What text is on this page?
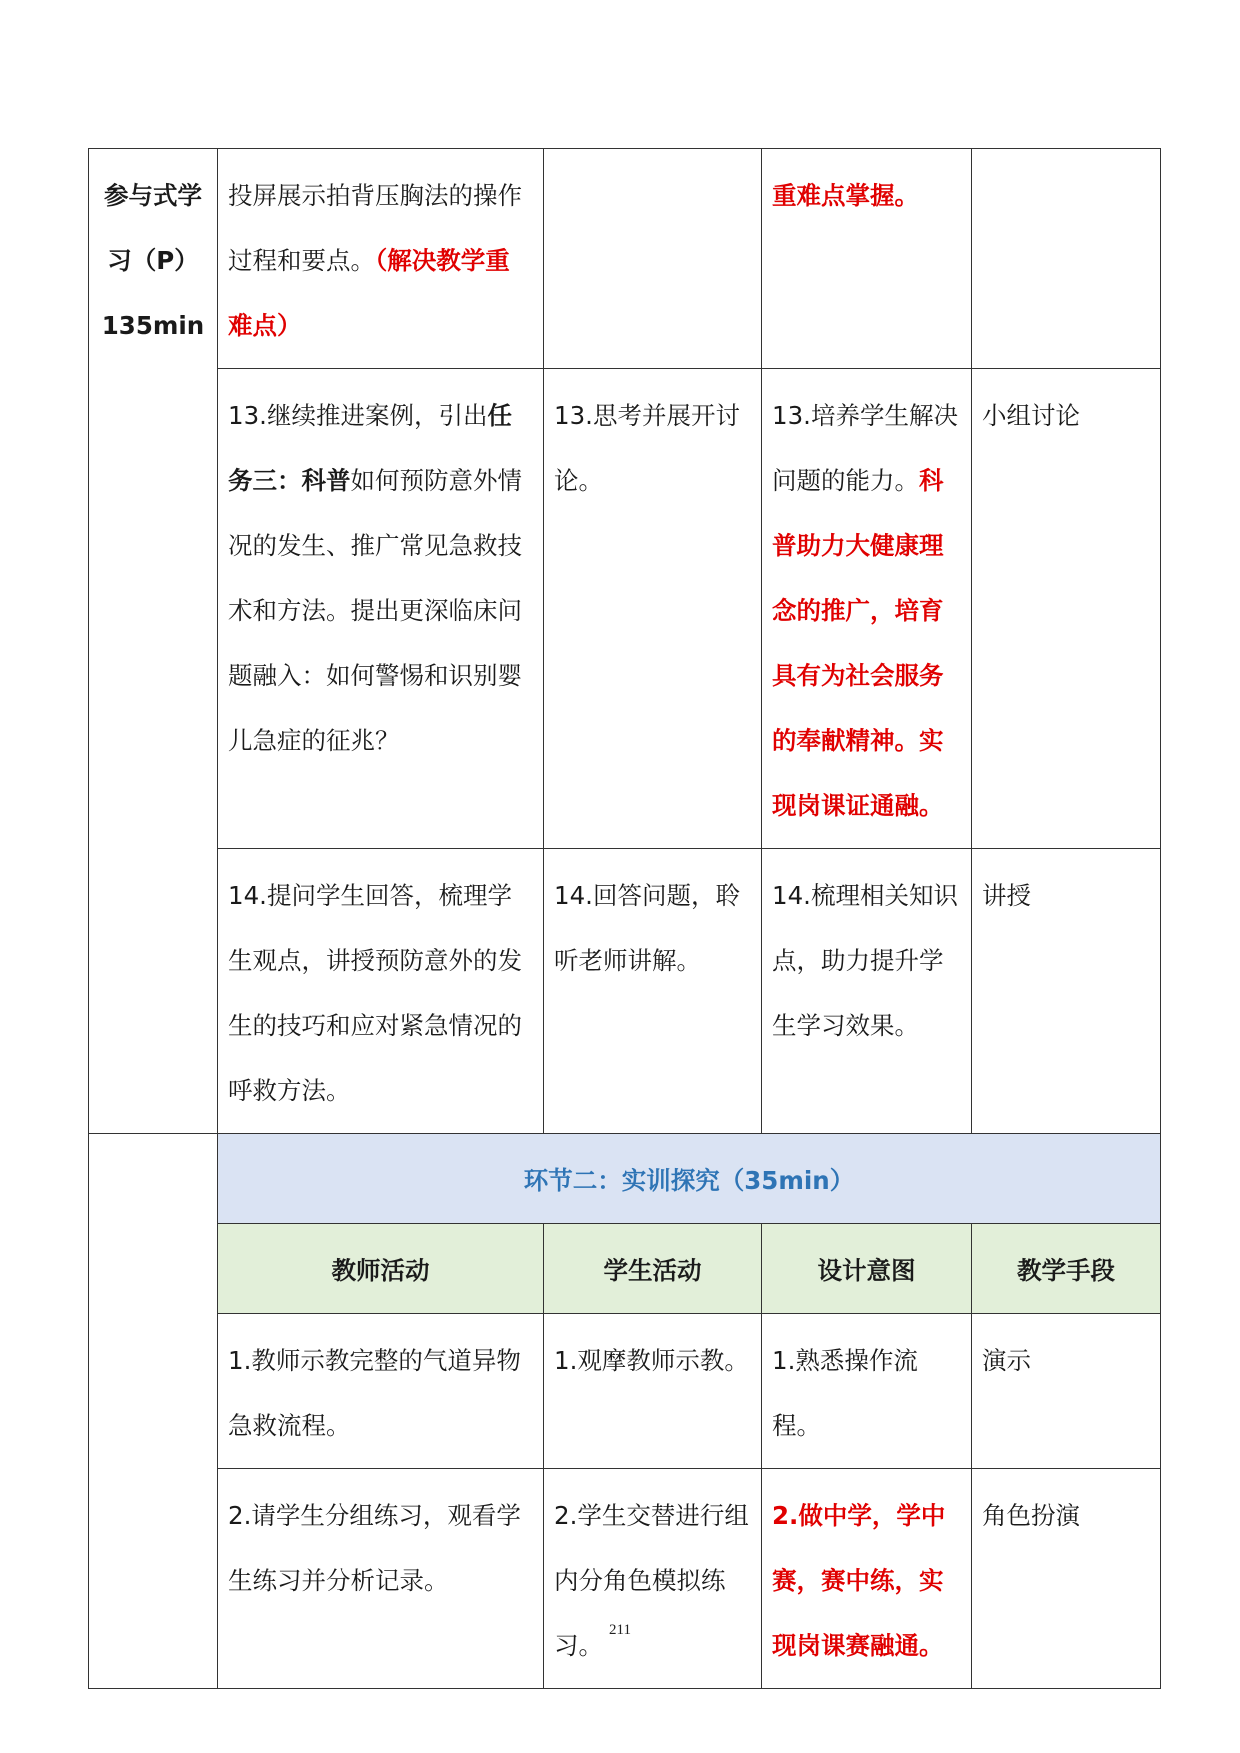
参与式学
习（P）
135min	投屏展示拍背压胸法的操作过程和要点。（解决教学重难点）		重难点掌握。	
	13.继续推进案例，引出任务三：科普如何预防意外情况的发生、推广常见急救技术和方法。提出更深临床问题融入：如何警惕和识别婴儿急症的征兆？	13.思考并展开讨论。	13.培养学生解决问题的能力。科普助力大健康理念的推广，培育具有为社会服务的奉献精神。实现岗课证通融。	小组讨论
	14.提问学生回答，梳理学生观点，讲授预防意外的发生的技巧和应对紧急情况的呼救方法。	14.回答问题，聆听老师讲解。	14.梳理相关知识点，助力提升学生学习效果。	讲授
	环节二：实训探究（35min）			
	教师活动	学生活动	设计意图	教学手段
	1.教师示教完整的气道异物急救流程。	1.观摩教师示教。	1.熟悉操作流程。	演示
	2.请学生分组练习，观看学生练习并分析记录。	2.学生交替进行组内分角色模拟练习。	2.做中学，学中赛，赛中练，实现岗课赛融通。	角色扮演
211
